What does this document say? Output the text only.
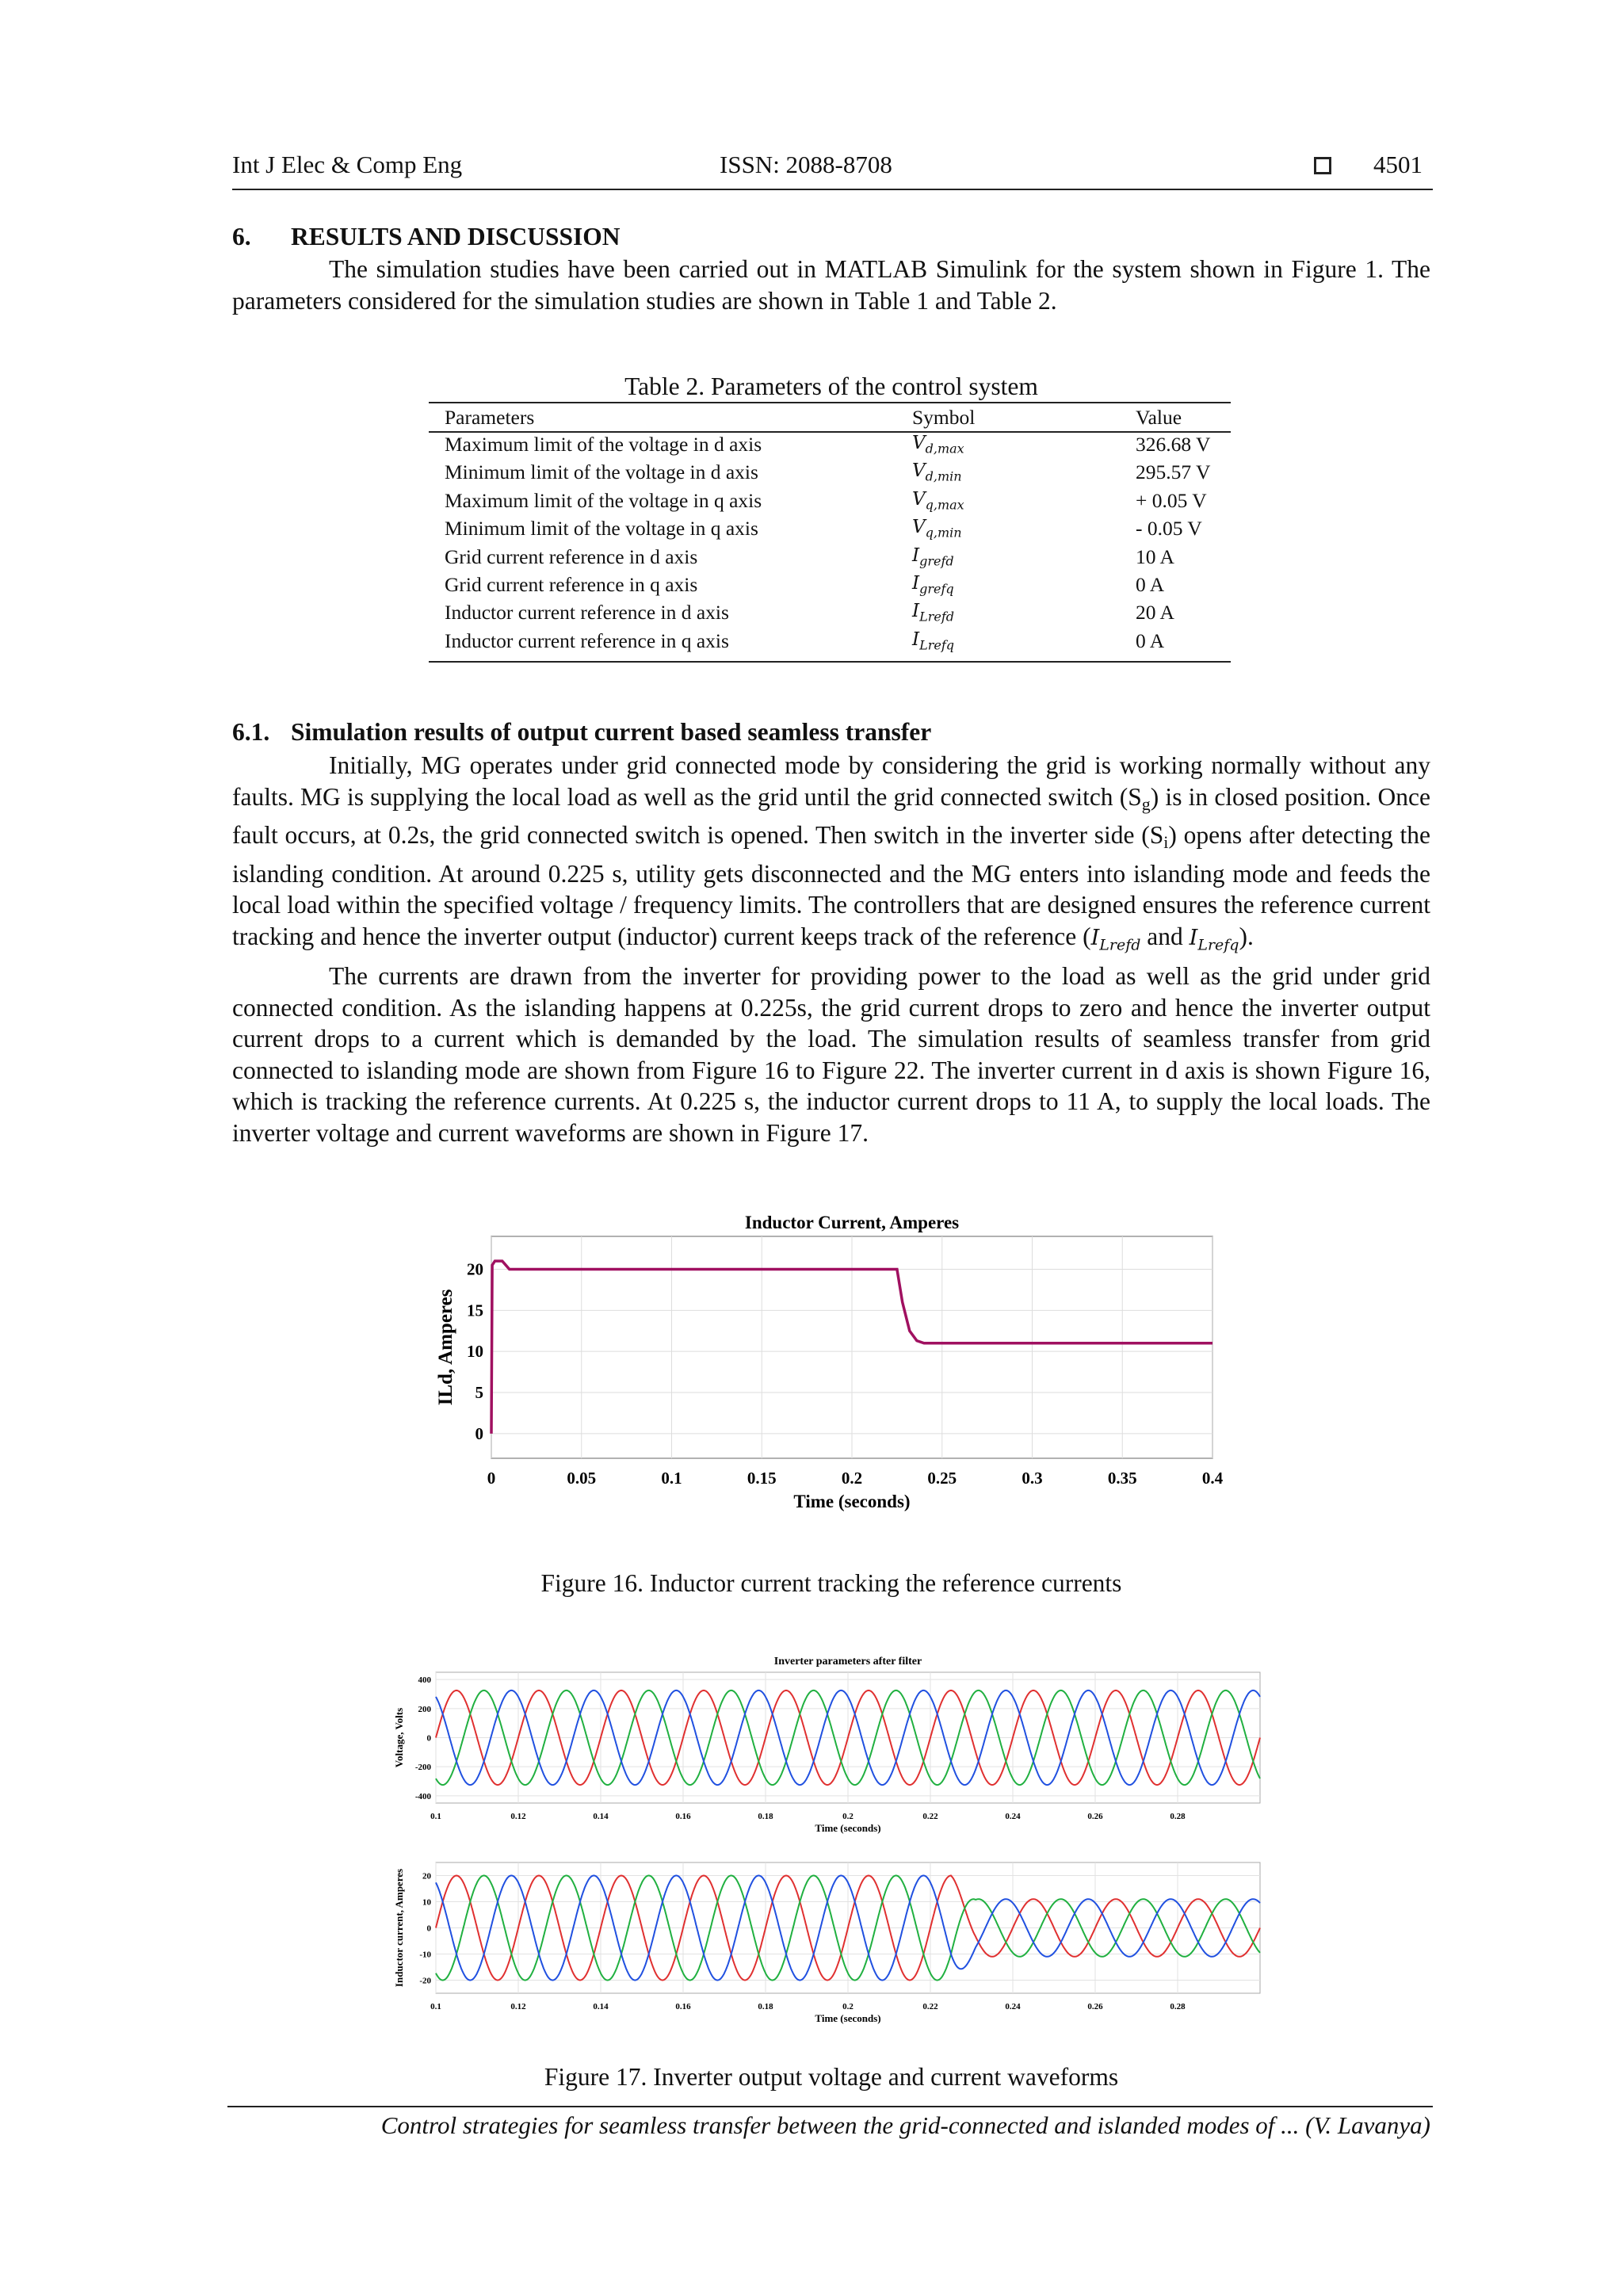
Int J Elec & Comp Eng	ISSN: 2088-8708	4501
6. RESULTS AND DISCUSSION

The simulation studies have been carried out in MATLAB Simulink for the system shown in Figure 1. The parameters considered for the simulation studies are shown in Table 1 and Table 2.

Table 2. Parameters of the control system
Parameters	Symbol	Value
Maximum limit of the voltage in d axis	$V_{d,max}$	326.68 V
Minimum limit of the voltage in d axis	$V_{d,min}$	295.57 V
Maximum limit of the voltage in q axis	$V_{q,max}$	+ 0.05 V
Minimum limit of the voltage in q axis	$V_{q,min}$	- 0.05 V
Grid current reference in d axis	$I_{grefd}$	10 A
Grid current reference in q axis	$I_{grefq}$	0 A
Inductor current reference in d axis	$I_{Lrefd}$	20 A
Inductor current reference in q axis	$I_{Lrefq}$	0 A
6.1. Simulation results of output current based seamless transfer

Initially, MG operates under grid connected mode by considering the grid is working normally without any faults. MG is supplying the local load as well as the grid until the grid connected switch $(S_g)$ is in closed position. Once fault occurs, at 0.2s, the grid connected switch is opened. Then switch in the inverter side $(S_i)$ opens after detecting the islanding condition. At around 0.225 s, utility gets disconnected and the MG enters into islanding mode and feeds the local load within the specified voltage / frequency limits. The controllers that are designed ensures the reference current tracking and hence the inverter output (inductor) current keeps track of the reference ($I_{Lrefd}$ and $I_{Lrefq}$).

The currents are drawn from the inverter for providing power to the load as well as the grid under grid connected condition. As the islanding happens at 0.225s, the grid current drops to zero and hence the inverter output current drops to a current which is demanded by the load. The simulation results of seamless transfer from grid connected to islanding mode are shown from Figure 16 to Figure 22. The inverter current in d axis is shown Figure 16, which is tracking the reference currents. At 0.225 s, the inductor current drops to 11 A, to supply the local loads. The inverter voltage and current waveforms are shown in Figure 17.

Inductor Current, Amperes
0	0.05	0.1	0.15	0.2	0.25	0.3	0.35	0.4
0
5
10
15
20
Time (seconds)
ILd, Amperes
Figure 16. Inductor current tracking the reference currents
Inverter parameters after filter
0.1	0.12	0.14	0.16	0.18	0.2	0.22	0.24	0.26	0.28
400
200
0
-200
-400
Time (seconds)
Voltage, Volts
0.1	0.12	0.14	0.16	0.18	0.2	0.22	0.24	0.26	0.28
20
10
0
-10
-20
Time (seconds)
Inductor current, Amperes
Figure 17. Inverter output voltage and current waveforms
Control strategies for seamless transfer between the grid-connected and islanded modes of ... (V. Lavanya)
